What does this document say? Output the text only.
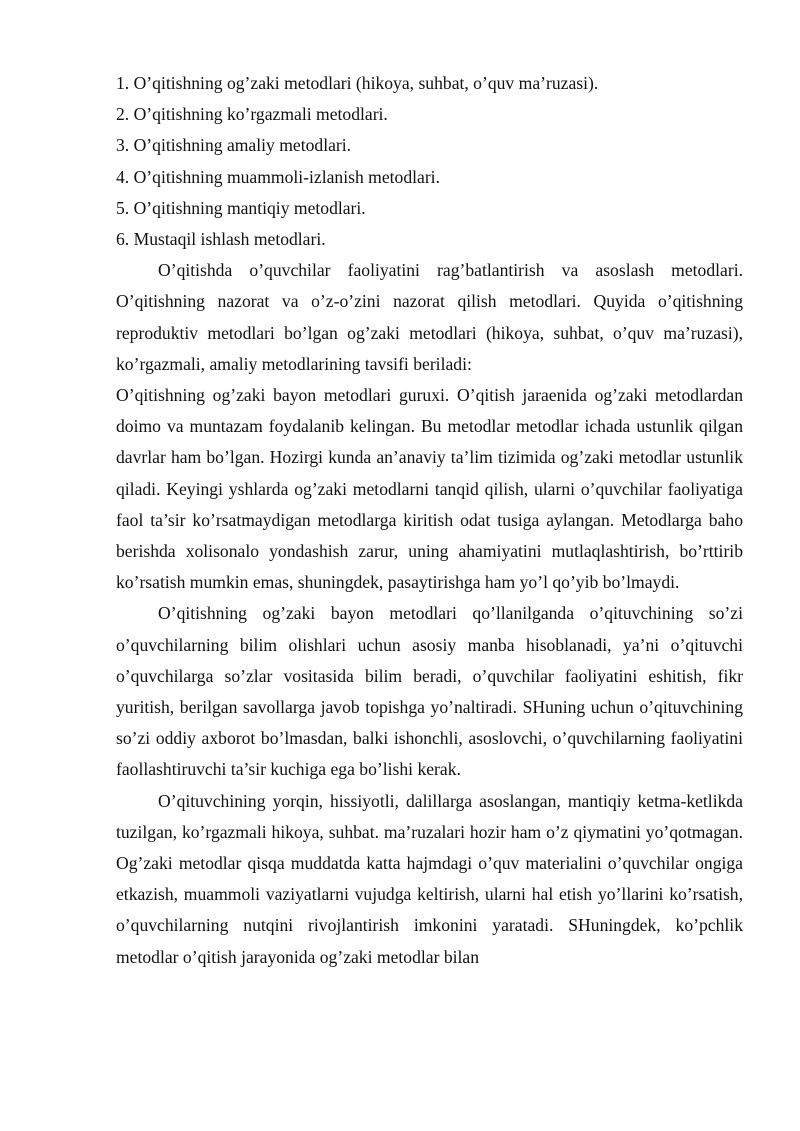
1. O’qitishning og’zaki metodlari (hikoya, suhbat, o’quv ma’ruzasi).

2. O’qitishning ko’rgazmali metodlari.

3. O’qitishning amaliy metodlari.

4. O’qitishning muammoli-izlanish metodlari.

5. O’qitishning mantiqiy metodlari.

6. Mustaqil ishlash metodlari.

O’qitishda o’quvchilar faoliyatini rag’batlantirish va asoslash metodlari. O’qitishning nazorat va o’z-o’zini nazorat qilish metodlari. Quyida o’qitishning reproduktiv metodlari bo’lgan og’zaki metodlari (hikoya, suhbat, o’quv ma’ruzasi), ko’rgazmali, amaliy metodlarining tavsifi beriladi:

O’qitishning og’zaki bayon metodlari guruxi. O’qitish jaraenida og’zaki metodlardan doimo va muntazam foydalanib kelingan. Bu metodlar metodlar ichada ustunlik qilgan davrlar ham bo’lgan. Hozirgi kunda an’anaviy ta’lim tizimida og’zaki metodlar ustunlik qiladi. Keyingi yshlarda og’zaki metodlarni tanqid qilish, ularni o’quvchilar faoliyatiga faol ta’sir ko’rsatmaydigan metodlarga kiritish odat tusiga aylangan. Metodlarga baho berishda xolisonalo yondashish zarur, uning ahamiyatini mutlaqlashtirish, bo’rttirib ko’rsatish mumkin emas, shuningdek, pasaytirishga ham yo’l qo’yib bo’lmaydi.

O’qitishning og’zaki bayon metodlari qo’llanilganda o’qituvchining so’zi o’quvchilarning bilim olishlari uchun asosiy manba hisoblanadi, ya’ni o’qituvchi o’quvchilarga so’zlar vositasida bilim beradi, o’quvchilar faoliyatini eshitish, fikr yuritish, berilgan savollarga javob topishga yo’naltiradi. SHuning uchun o’qituvchining so’zi oddiy axborot bo’lmasdan, balki ishonchli, asoslovchi, o’quvchilarning faoliyatini faollashtiruvchi ta’sir kuchiga ega bo’lishi kerak.

O’qituvchining yorqin, hissiyotli, dalillarga asoslangan, mantiqiy ketma-ketlikda tuzilgan, ko’rgazmali hikoya, suhbat. ma’ruzalari hozir ham o’z qiymatini yo’qotmagan. Og’zaki metodlar qisqa muddatda katta hajmdagi o’quv materialini o’quvchilar ongiga etkazish, muammoli vaziyatlarni vujudga keltirish, ularni hal etish yo’llarini ko’rsatish, o’quvchilarning nutqini rivojlantirish imkonini yaratadi. SHuningdek, ko’pchlik metodlar o’qitish jarayonida og’zaki metodlar bilan
